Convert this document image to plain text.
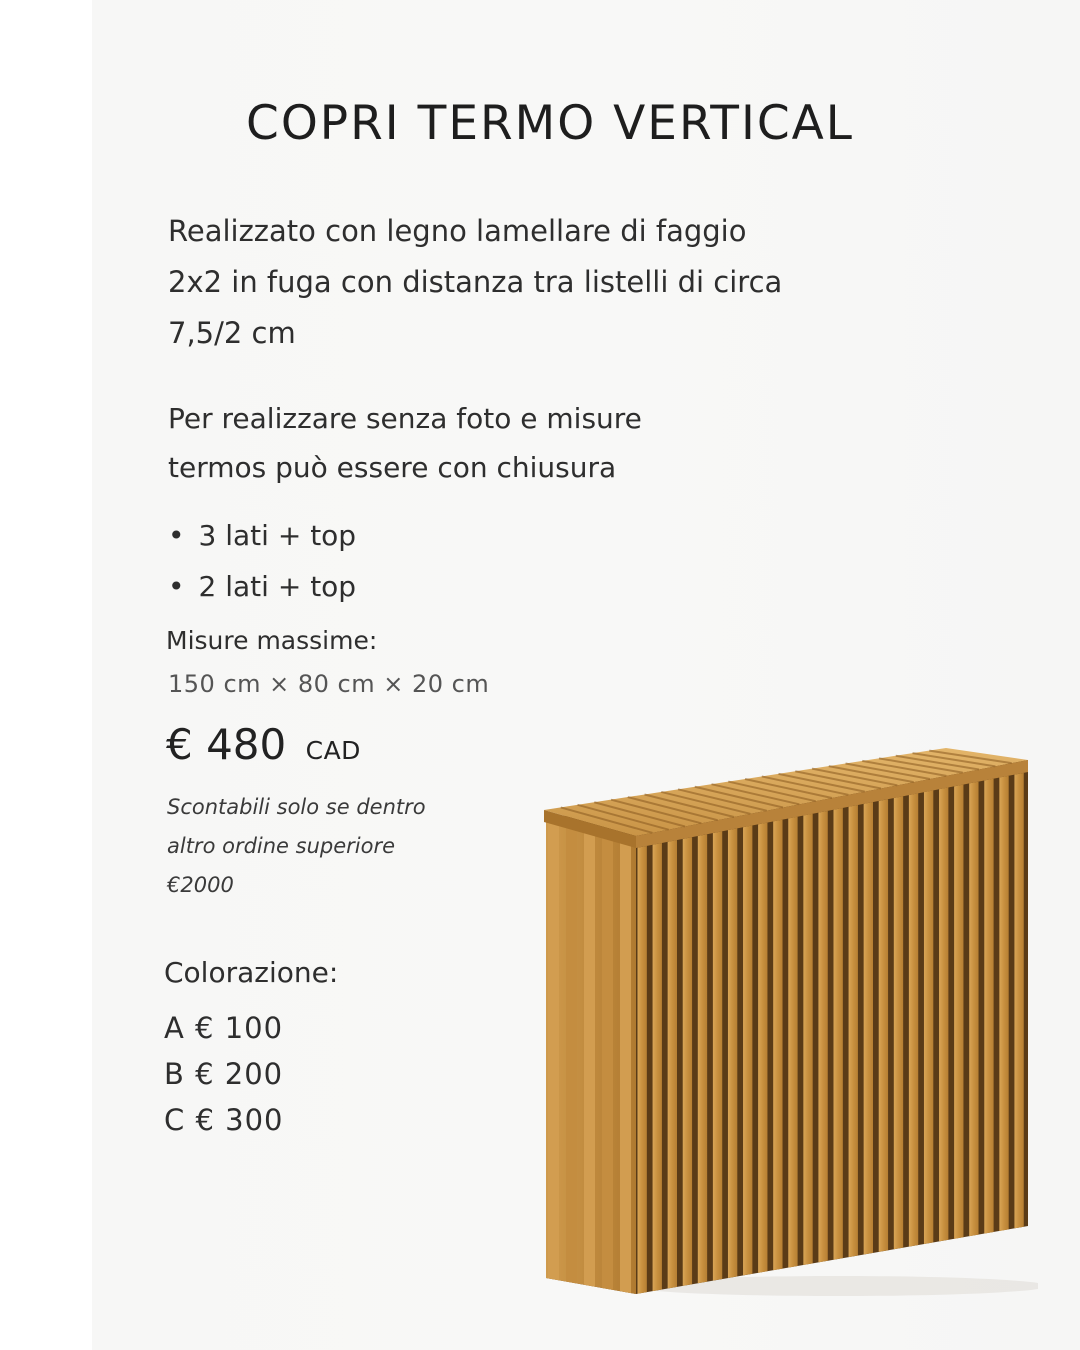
COPRI TERMO VERTICAL
Realizzato con legno lamellare di faggio
2x2 in fuga con distanza tra listelli di circa
7,5/2 cm
Per realizzare senza foto e misure
termos può essere con chiusura
• 3 lati + top
• 2 lati + top
Misure massime:
150 cm × 80 cm × 20 cm
€ 480 CAD
Scontabili solo se dentro
altro ordine superiore
€2000
Colorazione:
A € 100
B € 200
C € 300
